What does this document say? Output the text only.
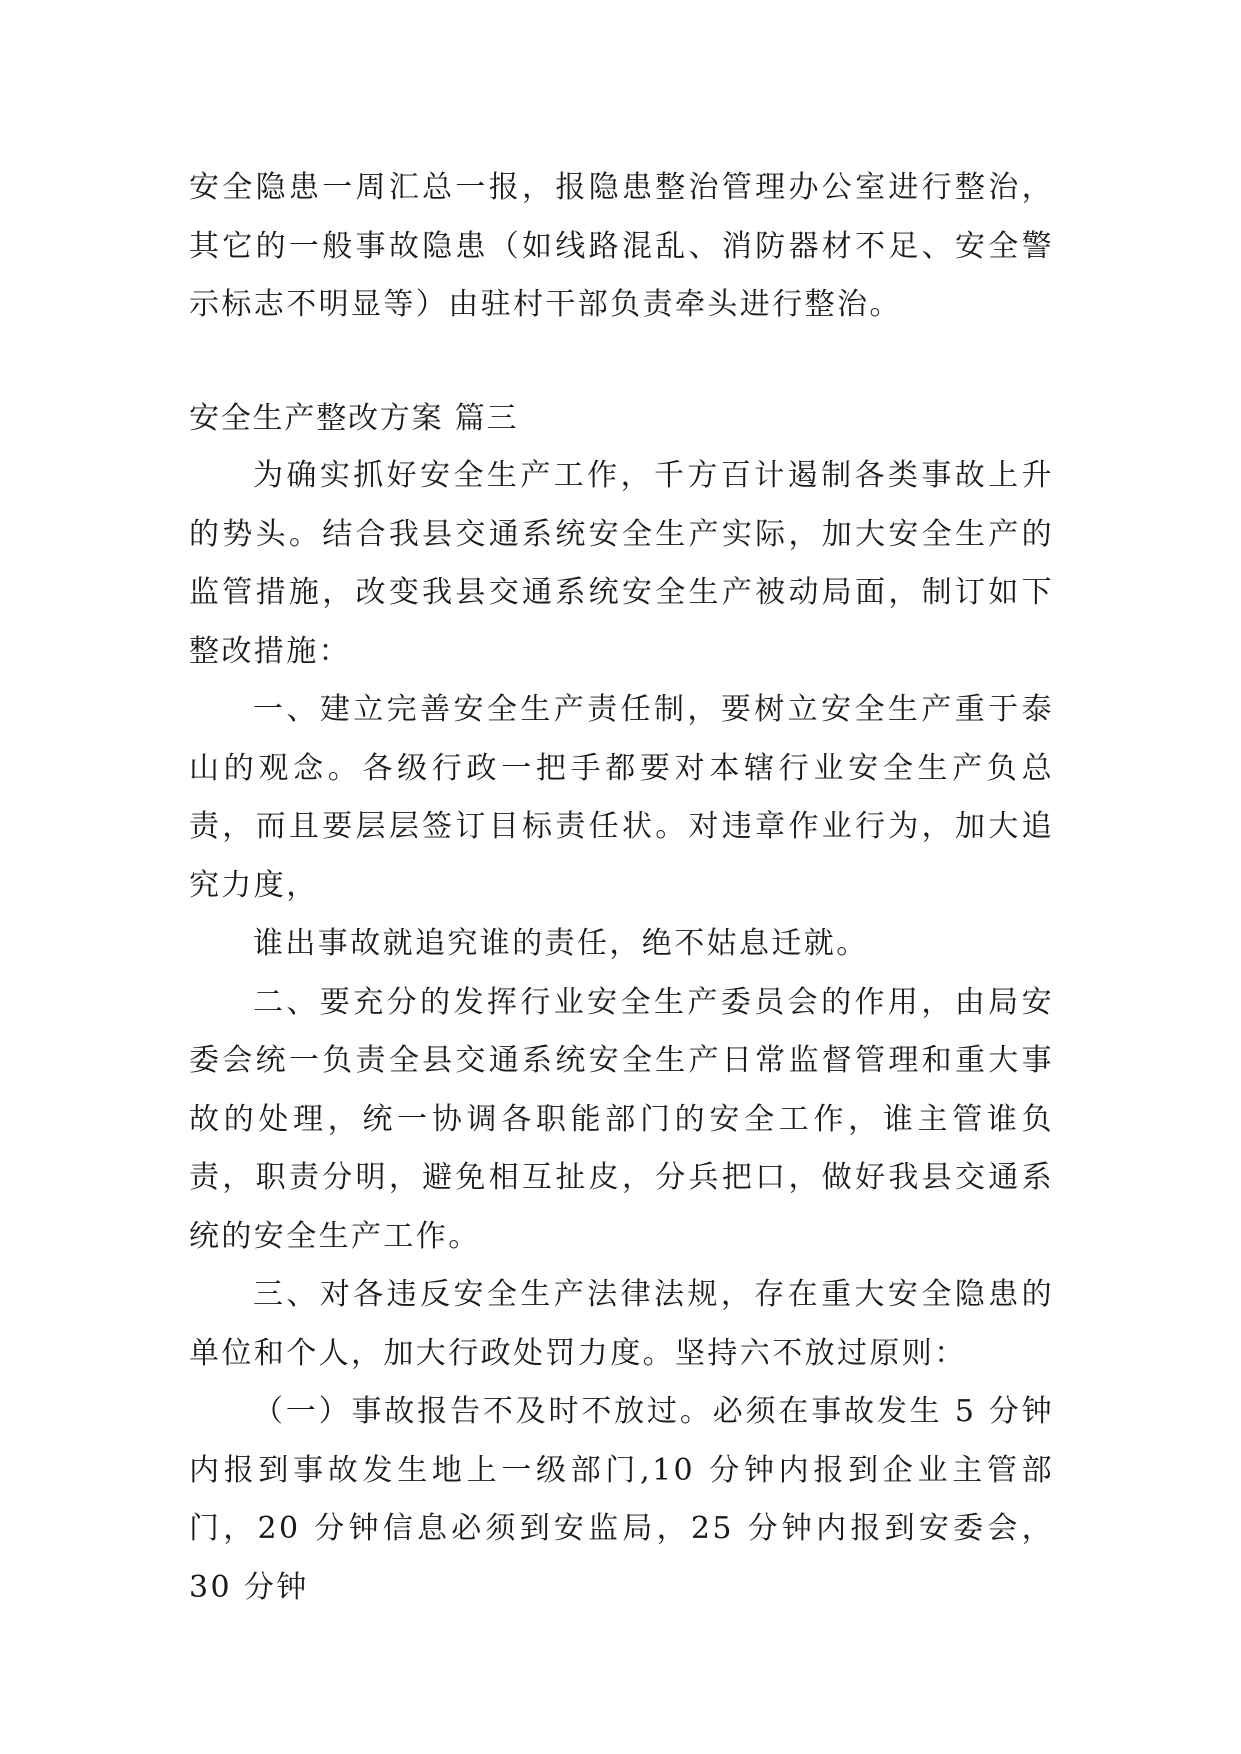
安全隐患一周汇总一报，报隐患整治管理办公室进行整治，其它的一般事故隐患（如线路混乱、消防器材不足、安全警示标志不明显等）由驻村干部负责牵头进行整治。

安全生产整改方案 篇三

为确实抓好安全生产工作，千方百计遏制各类事故上升的势头。结合我县交通系统安全生产实际，加大安全生产的监管措施，改变我县交通系统安全生产被动局面，制订如下整改措施：

一、建立完善安全生产责任制，要树立安全生产重于泰山的观念。各级行政一把手都要对本辖行业安全生产负总责，而且要层层签订目标责任状。对违章作业行为，加大追究力度，

谁出事故就追究谁的责任，绝不姑息迁就。

二、要充分的发挥行业安全生产委员会的作用，由局安委会统一负责全县交通系统安全生产日常监督管理和重大事故的处理，统一协调各职能部门的安全工作，谁主管谁负责，职责分明，避免相互扯皮，分兵把口，做好我县交通系统的安全生产工作。

三、对各违反安全生产法律法规，存在重大安全隐患的单位和个人，加大行政处罚力度。坚持六不放过原则：

（一）事故报告不及时不放过。必须在事故发生 5 分钟内报到事故发生地上一级部门,10 分钟内报到企业主管部门，20 分钟信息必须到安监局，25 分钟内报到安委会，30 分钟
